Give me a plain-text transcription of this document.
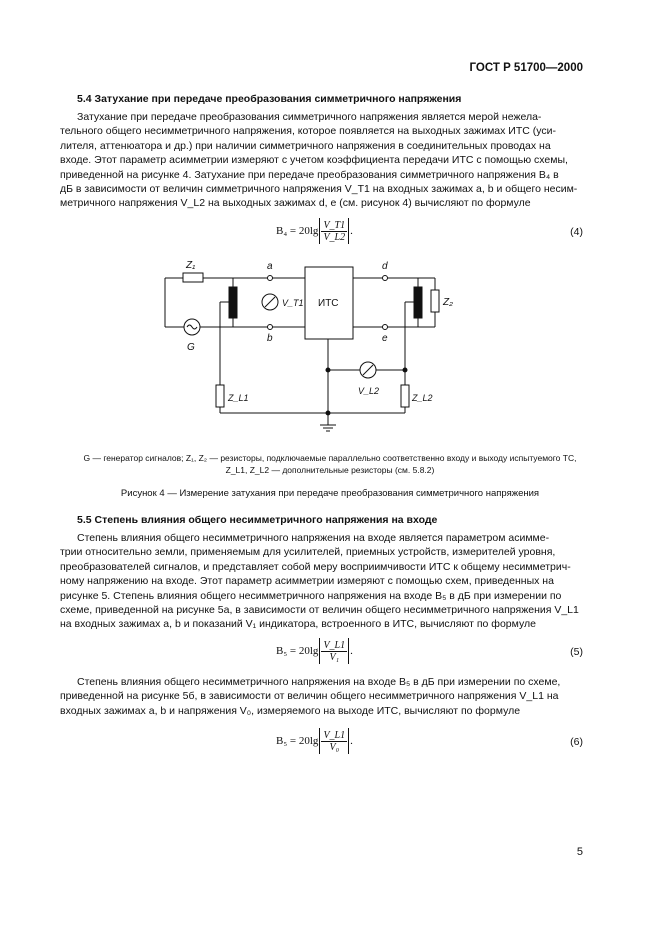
ГОСТ Р 51700—2000
5.4 Затухание при передаче преобразования симметричного напряжения
Затухание при передаче преобразования симметричного напряжения является мерой нежела-
тельного общего несимметричного напряжения, которое появляется на выходных зажимах ИТС (уси-
лителя, аттенюатора и др.) при наличии симметричного напряжения в соединительных проводах на
входе. Этот параметр асимметрии измеряют с учетом коэффициента передачи ИТС с помощью схемы,
приведенной на рисунке 4. Затухание при передаче преобразования симметричного напряжения B₄ в
дБ в зависимости от величин симметричного напряжения V_T1 на входных зажимах a, b и общего несим-
метричного напряжения V_L2 на выходных зажимах d, e (см. рисунок 4) вычисляют по формуле
$B_4 = 20\lg \frac{V\_T1}{V\_L2}$ .	(4)
Z₁	a
b
V_T1 ИТС
G
d
e
Z₂
Z_L1
V_L2
Z_L2
G — генератор сигналов; Z₁, Z₂ — резисторы, подключаемые параллельно соответственно входу и выходу испытуемого ТС,
Z_L1, Z_L2 — дополнительные резисторы (см. 5.8.2)
Рисунок 4 — Измерение затухания при передаче преобразования симметричного напряжения
5.5 Степень влияния общего несимметричного напряжения на входе
Степень влияния общего несимметричного напряжения на входе является параметром асимме-
трии относительно земли, применяемым для усилителей, приемных устройств, измерителей уровня,
преобразователей сигналов, и представляет собой меру восприимчивости ИТС к общему несимметрич-
ному напряжению на входе. Этот параметр асимметрии измеряют с помощью схем, приведенных на
рисунке 5. Степень влияния общего несимметричного напряжения на входе B₅ в дБ при измерении по
схеме, приведенной на рисунке 5а, в зависимости от величин общего несимметричного напряжения V_L1
на входных зажимах a, b и показаний V₁ индикатора, встроенного в ИТС, вычисляют по формуле
$B_5 = 20\lg \frac{V\_L1}{\text{V₁}}$ .	(5)
Степень влияния общего несимметричного напряжения на входе B₅ в дБ при измерении по схеме,
приведенной на рисунке 5б, в зависимости от величин общего несимметричного напряжения V_L1 на
входных зажимах a, b и напряжения V₀, измеряемого на выходе ИТС, вычисляют по формуле
$B_5 = 20\lg \frac{V\_L1}{\text{V₀}}$ .	(6)
5
